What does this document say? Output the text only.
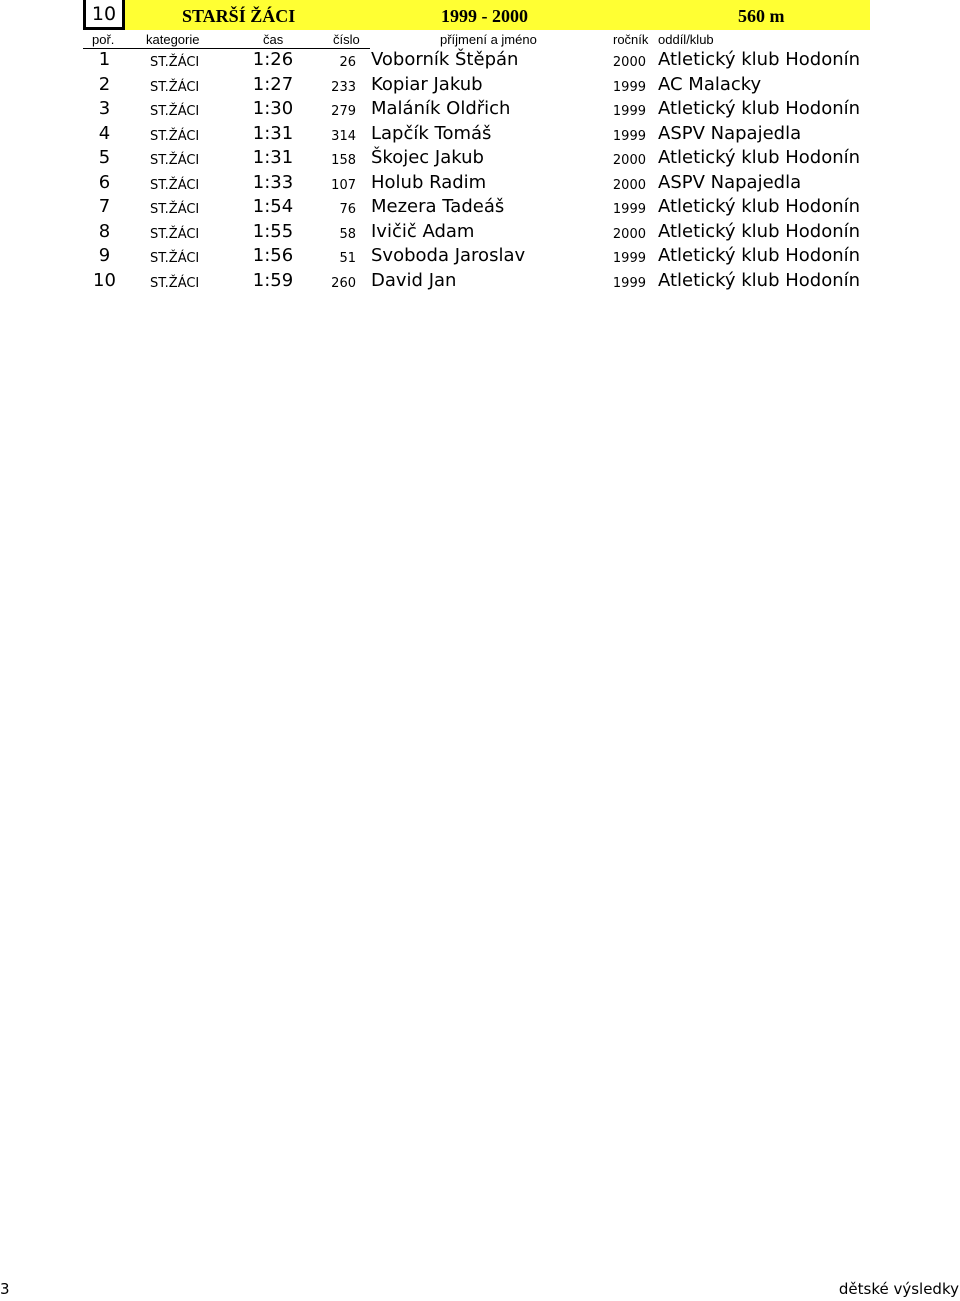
10	STARŠÍ ŽÁCI	1999 - 2000	560 m
poř. kategorie	čas	číslo	příjmení a jméno	ročník oddíl/klub
1	ST.ŽÁCI	1:26	26 Voborník Štěpán	2000 Atletický klub Hodonín
2	ST.ŽÁCI	1:27	233 Kopiar Jakub	1999 AC Malacky
3	ST.ŽÁCI	1:30	279 Maláník Oldřich	1999 Atletický klub Hodonín
4	ST.ŽÁCI	1:31	314 Lapčík Tomáš	1999 ASPV Napajedla
5	ST.ŽÁCI	1:31	158 Škojec Jakub	2000 Atletický klub Hodonín
6	ST.ŽÁCI	1:33	107 Holub Radim	2000 ASPV Napajedla
7	ST.ŽÁCI	1:54	76 Mezera Tadeáš	1999 Atletický klub Hodonín
8	ST.ŽÁCI	1:55	58 Ivičič Adam	2000 Atletický klub Hodonín
9	ST.ŽÁCI	1:56	51 Svoboda Jaroslav	1999 Atletický klub Hodonín
10	ST.ŽÁCI	1:59	260 David Jan	1999 Atletický klub Hodonín
3	dětské výsledky
